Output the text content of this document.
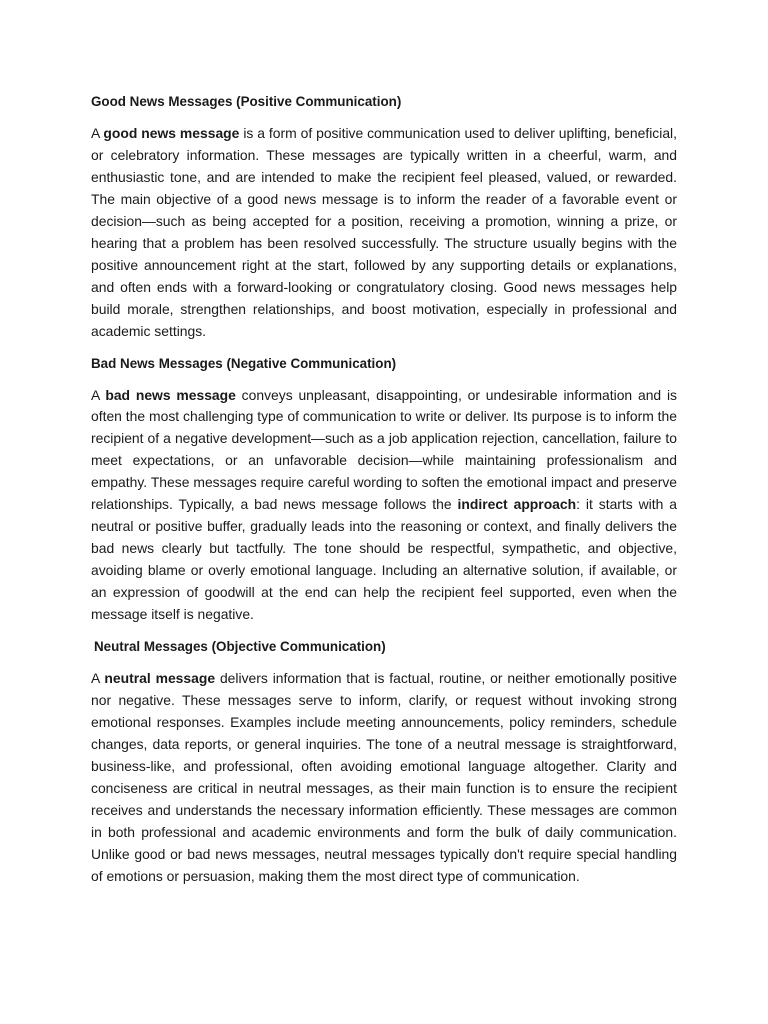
Good News Messages (Positive Communication)

A good news message is a form of positive communication used to deliver uplifting, beneficial, or celebratory information. These messages are typically written in a cheerful, warm, and enthusiastic tone, and are intended to make the recipient feel pleased, valued, or rewarded. The main objective of a good news message is to inform the reader of a favorable event or decision—such as being accepted for a position, receiving a promotion, winning a prize, or hearing that a problem has been resolved successfully. The structure usually begins with the positive announcement right at the start, followed by any supporting details or explanations, and often ends with a forward-looking or congratulatory closing. Good news messages help build morale, strengthen relationships, and boost motivation, especially in professional and academic settings.

Bad News Messages (Negative Communication)

A bad news message conveys unpleasant, disappointing, or undesirable information and is often the most challenging type of communication to write or deliver. Its purpose is to inform the recipient of a negative development—such as a job application rejection, cancellation, failure to meet expectations, or an unfavorable decision—while maintaining professionalism and empathy. These messages require careful wording to soften the emotional impact and preserve relationships. Typically, a bad news message follows the indirect approach: it starts with a neutral or positive buffer, gradually leads into the reasoning or context, and finally delivers the bad news clearly but tactfully. The tone should be respectful, sympathetic, and objective, avoiding blame or overly emotional language. Including an alternative solution, if available, or an expression of goodwill at the end can help the recipient feel supported, even when the message itself is negative.

Neutral Messages (Objective Communication)

A neutral message delivers information that is factual, routine, or neither emotionally positive nor negative. These messages serve to inform, clarify, or request without invoking strong emotional responses. Examples include meeting announcements, policy reminders, schedule changes, data reports, or general inquiries. The tone of a neutral message is straightforward, business-like, and professional, often avoiding emotional language altogether. Clarity and conciseness are critical in neutral messages, as their main function is to ensure the recipient receives and understands the necessary information efficiently. These messages are common in both professional and academic environments and form the bulk of daily communication. Unlike good or bad news messages, neutral messages typically don't require special handling of emotions or persuasion, making them the most direct type of communication.
